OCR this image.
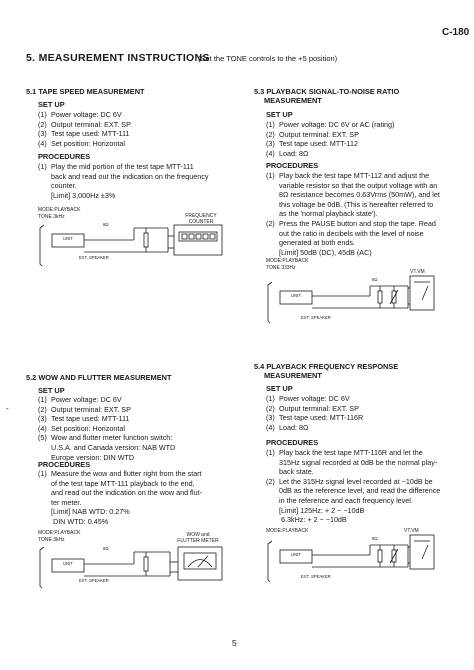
C-180
5. MEASUREMENT INSTRUCTIONS
(Set the TONE controls to the +5 position)
-
5.1 TAPE SPEED MEASUREMENT
SET UP
(1) Power voltage: DC 6V
(2) Output terminal: EXT. SP
(3) Test tape used: MTT-111
(4) Set position: Horizontal
PROCEDURES
(1) Play the mid portion of the test tape MTT-111
back and read out the indication on the frequency
counter.
[Limit] 3,000Hz ±3%
MODE:PLAYBACK
TONE 3kHz	FREQUENCY
COUNTER
8Ω
UNIT
EXT. SPEAKER
5.2 WOW AND FLUTTER MEASUREMENT
SET UP
(1) Power voltage: DC 6V
(2) Output terminal: EXT. SP
(3) Test tape used: MTT-111
(4) Set position: Horizontal
(5) Wow and flutter meter function switch:
U.S.A. and Canada version: NAB WTD
Europe version: DIN WTD
PROCEDURES
(1) Measure the wow and flutter right from the start
of the test tape MTT-111 playback to the end,
and read out the indication on the wow and flut-
ter meter.
[Limit] NAB WTD: 0.27%
DIN WTD: 0.45%
MODE:PLAYBACK
TONE 3kHz
WOW and
FLUTTER METER
8Ω
UNIT
EXT. SPEAKER
5.3 PLAYBACK SIGNAL-TO-NOISE RATIO
MEASUREMENT
SET UP
(1) Power voltage: DC 6V or AC (rating)
(2) Output terminal: EXT. SP
(3) Test tape used: MTT-112
(4) Load: 8Ω
PROCEDURES
(1) Play back the test tape MTT-112 and adjust the
variable resistor so that the output voltage with an
8Ω resistance becomes 0.63Vrms (50mW), and let
this voltage be 0dB. (This is hereafter referred to
as the 'normal playback state').
(2) Press the PAUSE button and stop the tape. Read
out the ratio in decibels with the level of noise
generated at both ends.
[Limit] 50dB (DC), 45dB (AC)
MODE:PLAYBACK
TONE 333Hz
VT.VM
8Ω
UNIT
EXT. SPEAKER
5.4 PLAYBACK FREQUENCY RESPONSE
MEASUREMENT
SET UP
(1) Power voltage: DC 6V
(2) Output terminal: EXT. SP
(3) Test tape used: MTT-116R
(4) Load: 8Ω
PROCEDURES
(1) Play back the test tape MTT-116R and let the
315Hz signal recorded at 0dB be the normal play-
back state.
(2) Let the 315Hz signal level recorded at −10dB be
0dB as the reference level, and read the difference
in the reference and each frequency level.
[Limit] 125Hz: + 2 ~ −10dB
6.3kHz: + 2 ~ −10dB
MODE:PLAYBACK	VT.VM
8Ω
UNIT
EXT. SPEAKER
5
